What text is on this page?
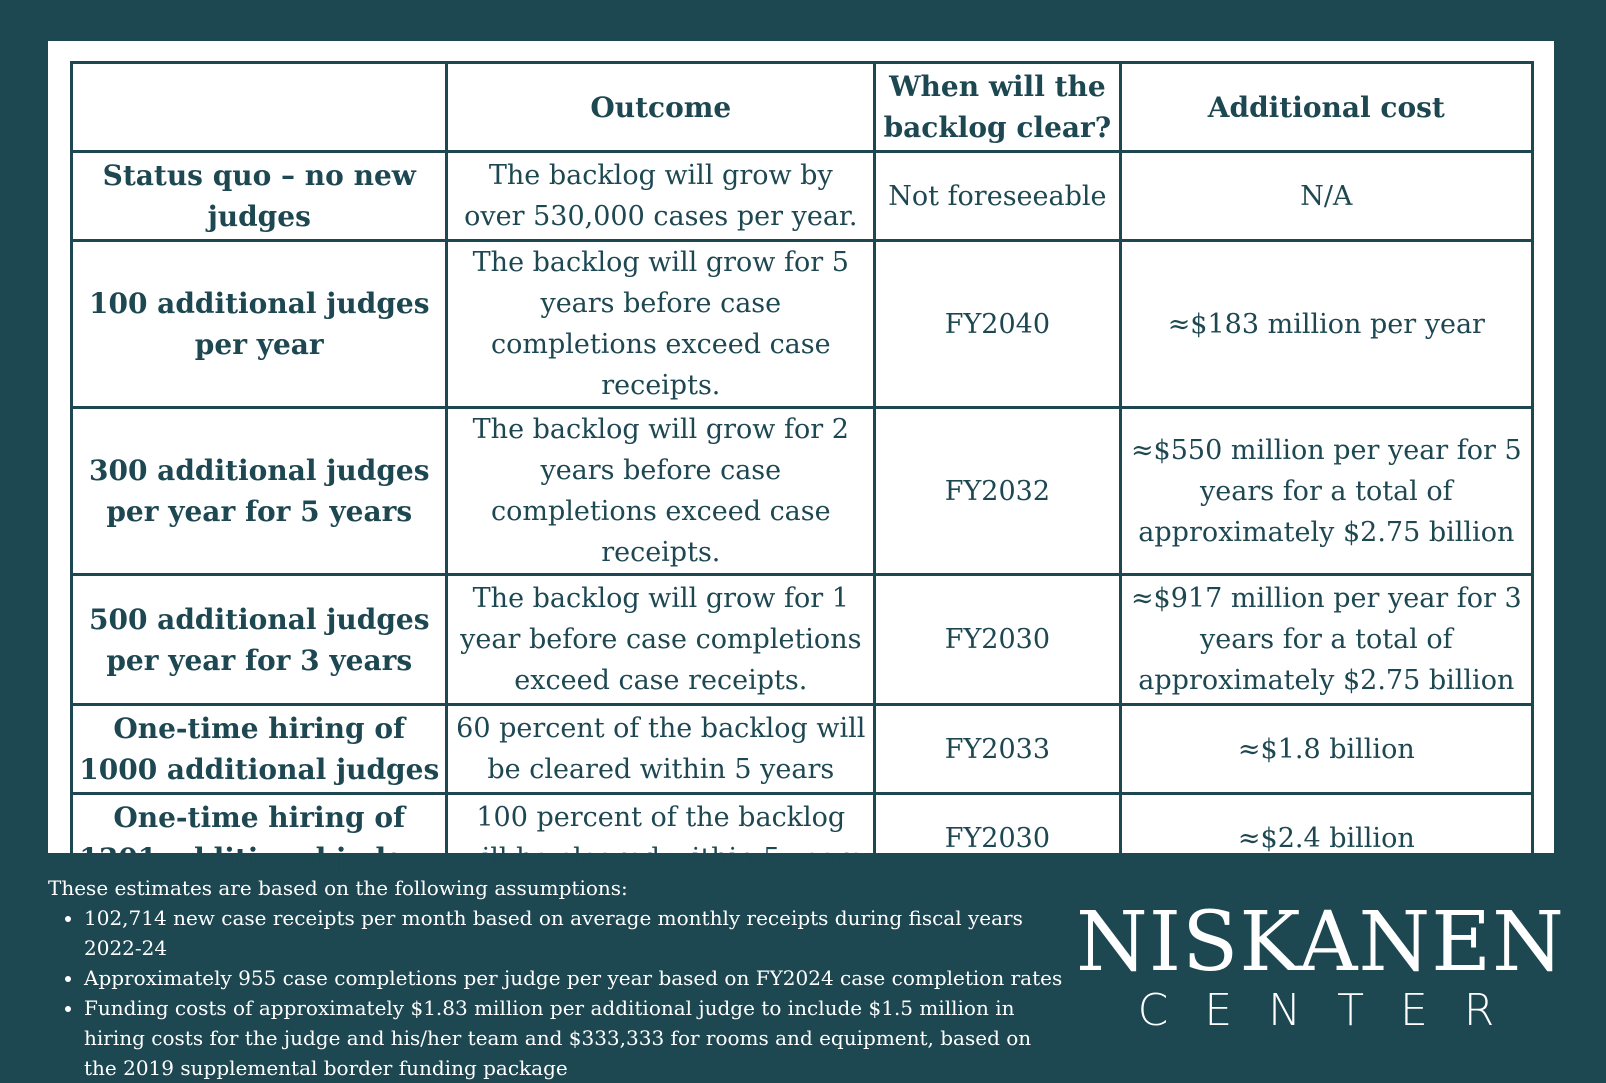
	Outcome	When will the backlog clear?	Additional cost
Status quo – no new judges	The backlog will grow by over 530,000 cases per year.	Not foreseeable	N/A
100 additional judges per year	The backlog will grow for 5 years before case completions exceed case receipts.	FY2040	≈$183 million per year
300 additional judges per year for 5 years	The backlog will grow for 2 years before case completions exceed case receipts.	FY2032	≈$550 million per year for 5 years for a total of approximately $2.75 billion
500 additional judges per year for 3 years	The backlog will grow for 1 year before case completions exceed case receipts.	FY2030	≈$917 million per year for 3 years for a total of approximately $2.75 billion
One-time hiring of 1000 additional judges	60 percent of the backlog will be cleared within 5 years	FY2033	≈$1.8 billion
One-time hiring of 1301 additional judges	100 percent of the backlog will be cleared within 5 years	FY2030	≈$2.4 billion
These estimates are based on the following assumptions:
• 102,714 new case receipts per month based on average monthly receipts during fiscal years 2022-24
• Approximately 955 case completions per judge per year based on FY2024 case completion rates
• Funding costs of approximately $1.83 million per additional judge to include $1.5 million in hiring costs for the judge and his/her team and $333,333 for rooms and equipment, based on the 2019 supplemental border funding package
NISKANEN
CENTER
